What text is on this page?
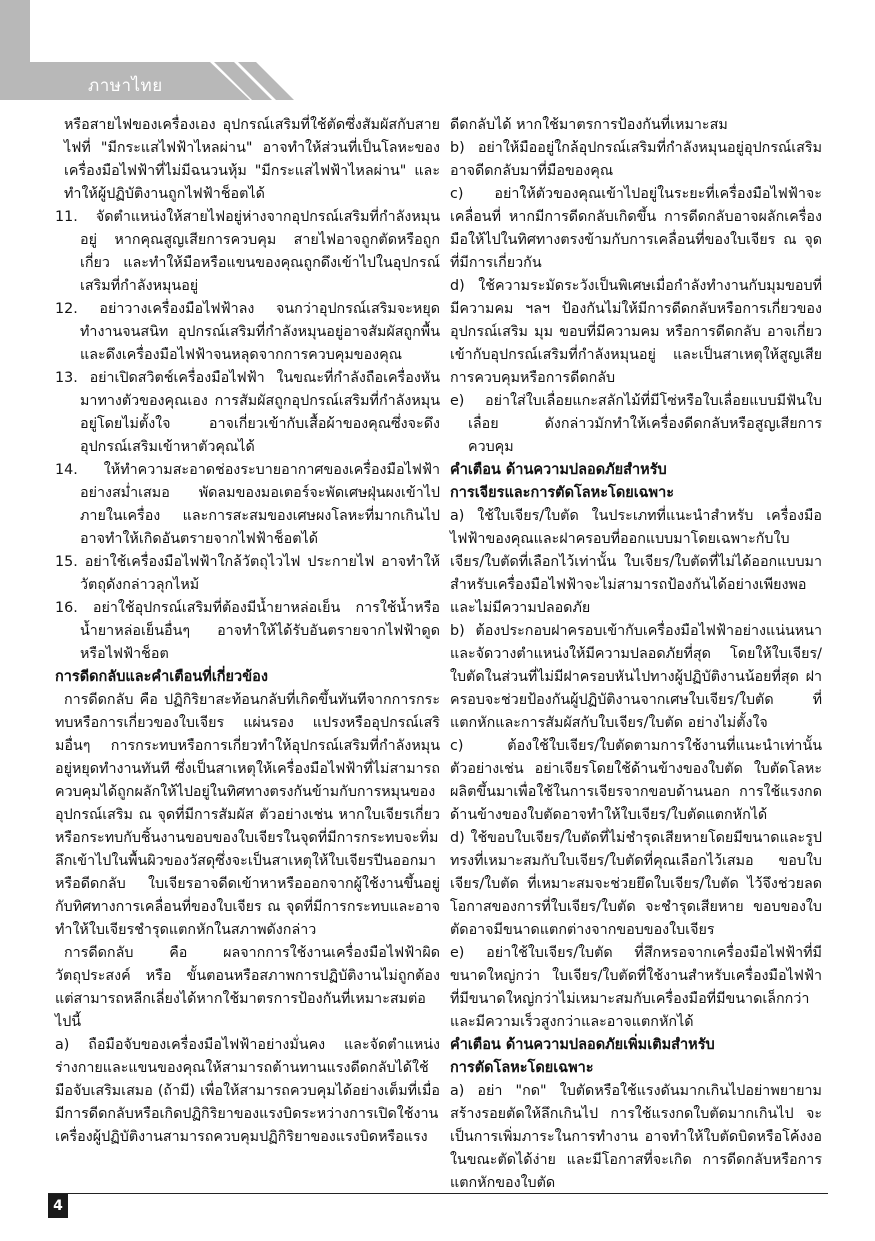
ภาษาไทย

หรือสายไฟของเครื่องเอง อุปกรณ์เสริมที่ใช้ตัดซึ่งสัมผัสกับสายไฟที่ "มีกระแสไฟฟ้าไหลผ่าน" อาจทำให้ส่วนที่เป็นโลหะของเครื่องมือไฟฟ้าที่ไม่มีฉนวนหุ้ม "มีกระแสไฟฟ้าไหลผ่าน" และทำให้ผู้ปฏิบัติงานถูกไฟฟ้าช็อตได้

11. จัดตำแหน่งให้สายไฟอยู่ห่างจากอุปกรณ์เสริมที่กำลังหมุนอยู่ หากคุณสูญเสียการควบคุม สายไฟอาจถูกตัดหรือถูกเกี่ยว และทำให้มือหรือแขนของคุณถูกดึงเข้าไปในอุปกรณ์เสริมที่กำลังหมุนอยู่

12. อย่าวางเครื่องมือไฟฟ้าลง จนกว่าอุปกรณ์เสริมจะหยุดทำงานจนสนิท อุปกรณ์เสริมที่กำลังหมุนอยู่อาจสัมผัสถูกพื้นและดึงเครื่องมือไฟฟ้าจนหลุดจากการควบคุมของคุณ

13. อย่าเปิดสวิตช์เครื่องมือไฟฟ้า ในขณะที่กำลังถือเครื่องหันมาทางตัวของคุณเอง การสัมผัสถูกอุปกรณ์เสริมที่กำลังหมุนอยู่โดยไม่ตั้งใจ อาจเกี่ยวเข้ากับเสื้อผ้าของคุณซึ่งจะดึงอุปกรณ์เสริมเข้าหาตัวคุณได้

14. ให้ทำความสะอาดช่องระบายอากาศของเครื่องมือไฟฟ้าอย่างสม่ำเสมอ พัดลมของมอเตอร์จะพัดเศษฝุ่นผงเข้าไปภายในเครื่อง และการสะสมของเศษผงโลหะที่มากเกินไป อาจทำให้เกิดอันตรายจากไฟฟ้าช็อตได้

15. อย่าใช้เครื่องมือไฟฟ้าใกล้วัตถุไวไฟ ประกายไฟ อาจทำให้วัตถุดังกล่าวลุกไหม้

16. อย่าใช้อุปกรณ์เสริมที่ต้องมีน้ำยาหล่อเย็น การใช้น้ำหรือน้ำยาหล่อเย็นอื่นๆ อาจทำให้ได้รับอันตรายจากไฟฟ้าดูดหรือไฟฟ้าช็อต

การดีดกลับและคำเตือนที่เกี่ยวข้อง

การดีดกลับ คือ ปฏิกิริยาสะท้อนกลับที่เกิดขึ้นทันทีจากการกระทบหรือการเกี่ยวของใบเจียร แผ่นรอง แปรงหรืออุปกรณ์เสริมอื่นๆ การกระทบหรือการเกี่ยวทำให้อุปกรณ์เสริมที่กำลังหมุนอยู่หยุดทำงานทันที ซึ่งเป็นสาเหตุให้เครื่องมือไฟฟ้าที่ไม่สามารถควบคุมได้ถูกผลักให้ไปอยู่ในทิศทางตรงกันข้ามกับการหมุนของอุปกรณ์เสริม ณ จุดที่มีการสัมผัส ตัวอย่างเช่น หากใบเจียรเกี่ยว หรือกระทบกับชิ้นงานขอบของใบเจียรในจุดที่มีการกระทบจะทิ่มลึกเข้าไปในพื้นผิวของวัสดุซึ่งจะเป็นสาเหตุให้ใบเจียรปีนออกมาหรือดีดกลับ ใบเจียรอาจดีดเข้าหาหรือออกจากผู้ใช้งานขึ้นอยู่กับทิศทางการเคลื่อนที่ของใบเจียร ณ จุดที่มีการกระทบและอาจทำให้ใบเจียรชำรุดแตกหักในสภาพดังกล่าว

การดีดกลับ คือ ผลจากการใช้งานเครื่องมือไฟฟ้าผิดวัตถุประสงค์ หรือ ขั้นตอนหรือสภาพการปฏิบัติงานไม่ถูกต้อง แต่สามารถหลีกเลี่ยงได้หากใช้มาตรการป้องกันที่เหมาะสมต่อไปนี้

a) ถือมือจับของเครื่องมือไฟฟ้าอย่างมั่นคง และจัดตำแหน่งร่างกายและแขนของคุณให้สามารถต้านทานแรงดีดกลับได้ใช้มือจับเสริมเสมอ (ถ้ามี) เพื่อให้สามารถควบคุมได้อย่างเต็มที่เมื่อมีการดีดกลับหรือเกิดปฏิกิริยาของแรงบิดระหว่างการเปิดใช้งาน เครื่องผู้ปฏิบัติงานสามารถควบคุมปฏิกิริยาของแรงบิดหรือแรง

ดีดกลับได้ หากใช้มาตรการป้องกันที่เหมาะสม

b) อย่าให้มืออยู่ใกล้อุปกรณ์เสริมที่กำลังหมุนอยู่อุปกรณ์เสริมอาจดีดกลับมาที่มือของคุณ

c) อย่าให้ตัวของคุณเข้าไปอยู่ในระยะที่เครื่องมือไฟฟ้าจะเคลื่อนที่ หากมีการดีดกลับเกิดขึ้น การดีดกลับอาจผลักเครื่องมือให้ไปในทิศทางตรงข้ามกับการเคลื่อนที่ของใบเจียร ณ จุดที่มีการเกี่ยวกัน

d) ใช้ความระมัดระวังเป็นพิเศษเมื่อกำลังทำงานกับมุมขอบที่มีความคม ฯลฯ ป้องกันไม่ให้มีการดีดกลับหรือการเกี่ยวของอุปกรณ์เสริม มุม ขอบที่มีความคม หรือการดีดกลับ อาจเกี่ยวเข้ากับอุปกรณ์เสริมที่กำลังหมุนอยู่ และเป็นสาเหตุให้สูญเสียการควบคุมหรือการดีดกลับ

e) อย่าใส่ใบเลื่อยแกะสลักไม้ที่มีโซ่หรือใบเลื่อยแบบมีฟันใบเลื่อย ดังกล่าวมักทำให้เครื่องดีดกลับหรือสูญเสียการควบคุม

คำเตือน ด้านความปลอดภัยสำหรับ

การเจียรและการตัดโลหะโดยเฉพาะ

a) ใช้ใบเจียร/ใบตัด ในประเภทที่แนะนำสำหรับ เครื่องมือไฟฟ้าของคุณและฝาครอบที่ออกแบบมาโดยเฉพาะกับใบเจียร/ใบตัดที่เลือกไว้เท่านั้น ใบเจียร/ใบตัดที่ไม่ได้ออกแบบมาสำหรับเครื่องมือไฟฟ้าจะไม่สามารถป้องกันได้อย่างเพียงพอและไม่มีความปลอดภัย

b) ต้องประกอบฝาครอบเข้ากับเครื่องมือไฟฟ้าอย่างแน่นหนาและจัดวางตำแหน่งให้มีความปลอดภัยที่สุด โดยให้ใบเจียร/ใบตัดในส่วนที่ไม่มีฝาครอบหันไปทางผู้ปฏิบัติงานน้อยที่สุด ฝาครอบจะช่วยป้องกันผู้ปฏิบัติงานจากเศษใบเจียร/ใบตัด ที่แตกหักและการสัมผัสกับใบเจียร/ใบตัด อย่างไม่ตั้งใจ

c) ต้องใช้ใบเจียร/ใบตัดตามการใช้งานที่แนะนำเท่านั้น ตัวอย่างเช่น อย่าเจียรโดยใช้ด้านข้างของใบตัด ใบตัดโลหะผลิตขึ้นมาเพื่อใช้ในการเจียรจากขอบด้านนอก การใช้แรงกดด้านข้างของใบตัดอาจทำให้ใบเจียร/ใบตัดแตกหักได้

d) ใช้ขอบใบเจียร/ใบตัดที่ไม่ชำรุดเสียหายโดยมีขนาดและรูปทรงที่เหมาะสมกับใบเจียร/ใบตัดที่คุณเลือกไว้เสมอ ขอบใบเจียร/ใบตัด ที่เหมาะสมจะช่วยยึดใบเจียร/ใบตัด ไว้จึงช่วยลดโอกาสของการที่ใบเจียร/ใบตัด จะชำรุดเสียหาย ขอบของใบตัดอาจมีขนาดแตกต่างจากขอบของใบเจียร

e) อย่าใช้ใบเจียร/ใบตัด ที่สึกหรอจากเครื่องมือไฟฟ้าที่มีขนาดใหญ่กว่า ใบเจียร/ใบตัดที่ใช้งานสำหรับเครื่องมือไฟฟ้าที่มีขนาดใหญ่กว่าไม่เหมาะสมกับเครื่องมือที่มีขนาดเล็กกว่า และมีความเร็วสูงกว่าและอาจแตกหักได้

คำเตือน ด้านความปลอดภัยเพิ่มเติมสำหรับ

การตัดโลหะโดยเฉพาะ

a) อย่า "กด" ใบตัดหรือใช้แรงดันมากเกินไปอย่าพยายามสร้างรอยตัดให้ลึกเกินไป การใช้แรงกดใบตัดมากเกินไป จะเป็นการเพิ่มภาระในการทำงาน อาจทำให้ใบตัดบิดหรือโค้งงอในขณะตัดได้ง่าย และมีโอกาสที่จะเกิด การดีดกลับหรือการแตกหักของใบตัด

4
